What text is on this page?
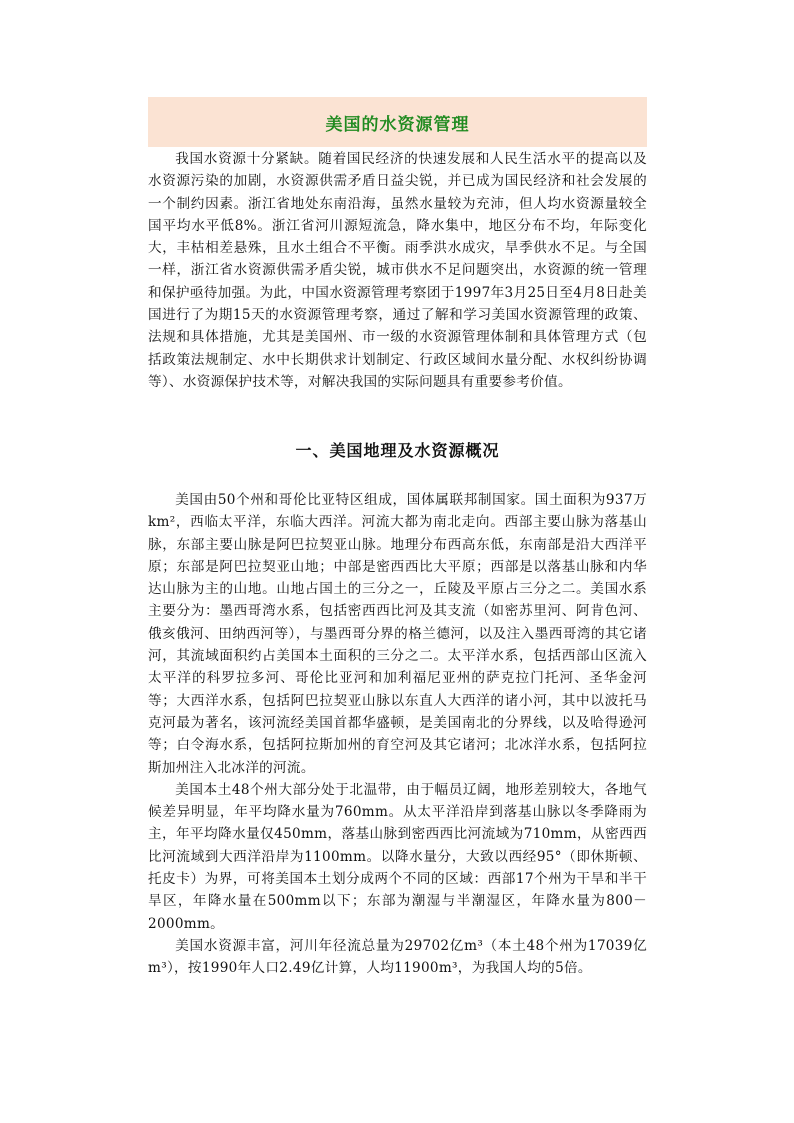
美国的水资源管理

我国水资源十分紧缺。随着国民经济的快速发展和人民生活水平的提高以及水资源污染的加剧，水资源供需矛盾日益尖锐，并已成为国民经济和社会发展的一个制约因素。浙江省地处东南沿海，虽然水量较为充沛，但人均水资源量较全国平均水平低8%。浙江省河川源短流急，降水集中，地区分布不均，年际变化大，丰枯相差悬殊，且水土组合不平衡。雨季洪水成灾，旱季供水不足。与全国一样，浙江省水资源供需矛盾尖锐，城市供水不足问题突出，水资源的统一管理和保护亟待加强。为此，中国水资源管理考察团于1997年3月25日至4月8日赴美国进行了为期15天的水资源管理考察，通过了解和学习美国水资源管理的政策、法规和具体措施，尤其是美国州、市一级的水资源管理体制和具体管理方式（包括政策法规制定、水中长期供求计划制定、行政区域间水量分配、水权纠纷协调等）、水资源保护技术等，对解决我国的实际问题具有重要参考价值。

一、美国地理及水资源概况

美国由50个州和哥伦比亚特区组成，国体属联邦制国家。国土面积为937万km²，西临太平洋，东临大西洋。河流大都为南北走向。西部主要山脉为落基山脉，东部主要山脉是阿巴拉契亚山脉。地理分布西高东低，东南部是沿大西洋平原；东部是阿巴拉契亚山地；中部是密西西比大平原；西部是以落基山脉和内华达山脉为主的山地。山地占国土的三分之一，丘陵及平原占三分之二。美国水系主要分为：墨西哥湾水系，包括密西西比河及其支流（如密苏里河、阿肯色河、俄亥俄河、田纳西河等），与墨西哥分界的格兰德河，以及注入墨西哥湾的其它诸河，其流域面积约占美国本土面积的三分之二。太平洋水系，包括西部山区流入太平洋的科罗拉多河、哥伦比亚河和加利福尼亚州的萨克拉门托河、圣华金河等；大西洋水系，包括阿巴拉契亚山脉以东直人大西洋的诸小河，其中以波托马克河最为著名，该河流经美国首都华盛顿，是美国南北的分界线，以及哈得逊河等；白令海水系，包括阿拉斯加州的育空河及其它诸河；北冰洋水系，包括阿拉斯加州注入北冰洋的河流。

美国本土48个州大部分处于北温带，由于幅员辽阔，地形差别较大，各地气候差异明显，年平均降水量为760mm。从太平洋沿岸到落基山脉以冬季降雨为主，年平均降水量仅450mm，落基山脉到密西西比河流域为710mm，从密西西比河流域到大西洋沿岸为1100mm。以降水量分，大致以西经95°（即休斯顿、托皮卡）为界，可将美国本土划分成两个不同的区域：西部17个州为干旱和半干旱区，年降水量在500mm以下；东部为潮湿与半潮湿区，年降水量为800－2000mm。

美国水资源丰富，河川年径流总量为29702亿m³（本土48个州为17039亿m³），按1990年人口2.49亿计算，人均11900m³，为我国人均的5倍。
